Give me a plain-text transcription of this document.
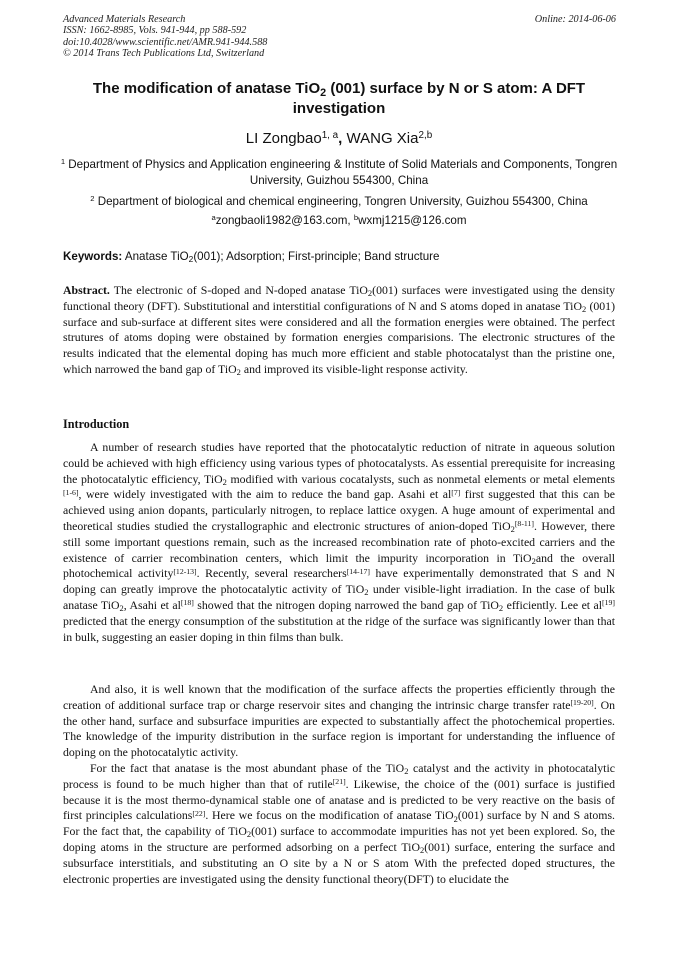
Advanced Materials Research
ISSN: 1662-8985, Vols. 941-944, pp 588-592
doi:10.4028/www.scientific.net/AMR.941-944.588
© 2014 Trans Tech Publications Ltd, Switzerland
Online: 2014-06-06
The modification of anatase TiO$_2$ (001) surface by N or S atom: A DFT investigation
LI Zongbao$^{1, a}$, WANG Xia$^{2,b}$
$^1$ Department of Physics and Application engineering & Institute of Solid Materials and Components, Tongren University, Guizhou 554300, China
$^2$ Department of biological and chemical engineering, Tongren University, Guizhou 554300, China
$^a$zongbaoli1982@163.com, $^b$wxmj1215@126.com
Keywords: Anatase TiO$_2$(001); Adsorption; First-principle; Band structure

Abstract. The electronic of S-doped and N-doped anatase TiO$_2$(001) surfaces were investigated using the density functional theory (DFT). Substitutional and interstitial configurations of N and S atoms doped in anatase TiO$_2$ (001) surface and sub-surface at different sites were considered and all the formation energies were obtained. The perfect strutures of atoms doping were obstained by formation energies comparisions. The electronic structures of the results indicated that the elemental doping has much more efficient and stable photocatalyst than the pristine one, which narrowed the band gap of TiO$_2$ and improved its visible-light response activity.

Introduction

A number of research studies have reported that the photocatalytic reduction of nitrate in aqueous solution could be achieved with high efficiency using various types of photocatalysts. As essential prerequisite for increasing the photocatalytic efficiency, TiO$_2$ modified with various cocatalysts, such as nonmetal elements or metal elements [1-6], were widely investigated with the aim to reduce the band gap. Asahi et al[7] first suggested that this can be achieved using anion dopants, particularly nitrogen, to replace lattice oxygen. A huge amount of experimental and theoretical studies studied the crystallographic and electronic structures of anion-doped TiO$_2$[8-11]. However, there still some important questions remain, such as the increased recombination rate of photo-excited carriers and the existence of carrier recombination centers, which limit the impurity incorporation in TiO$_2$and the overall photochemical activity[12-13]. Recently, several researchers[14-17] have experimentally demonstrated that S and N doping can greatly improve the photocatalytic activity of TiO$_2$ under visible-light irradiation. In the case of bulk anatase TiO$_2$, Asahi et al[18] showed that the nitrogen doping narrowed the band gap of TiO$_2$ efficiently. Lee et al[19] predicted that the energy consumption of the substitution at the ridge of the surface was significantly lower than that in bulk, suggesting an easier doping in thin films than bulk.

And also, it is well known that the modification of the surface affects the properties efficiently through the creation of additional surface trap or charge reservoir sites and changing the intrinsic charge transfer rate[19-20]. On the other hand, surface and subsurface impurities are expected to substantially affect the photochemical properties. The knowledge of the impurity distribution in the surface region is important for understanding the influence of doping on the photocatalytic activity.

For the fact that anatase is the most abundant phase of the TiO$_2$ catalyst and the activity in photocatalytic process is found to be much higher than that of rutile[21]. Likewise, the choice of the (001) surface is justified because it is the most thermo-dynamical stable one of anatase and is predicted to be very reactive on the basis of first principles calculations[22]. Here we focus on the modification of anatase TiO$_2$(001) surface by N and S atoms. For the fact that, the capability of TiO$_2$(001) surface to accommodate impurities has not yet been explored. So, the doping atoms in the structure are performed adsorbing on a perfect TiO$_2$(001) surface, entering the surface and subsurface interstitials, and substituting an O site by a N or S atom With the prefected doped structures, the electronic properties are investigated using the density functional theory(DFT) to elucidate the
